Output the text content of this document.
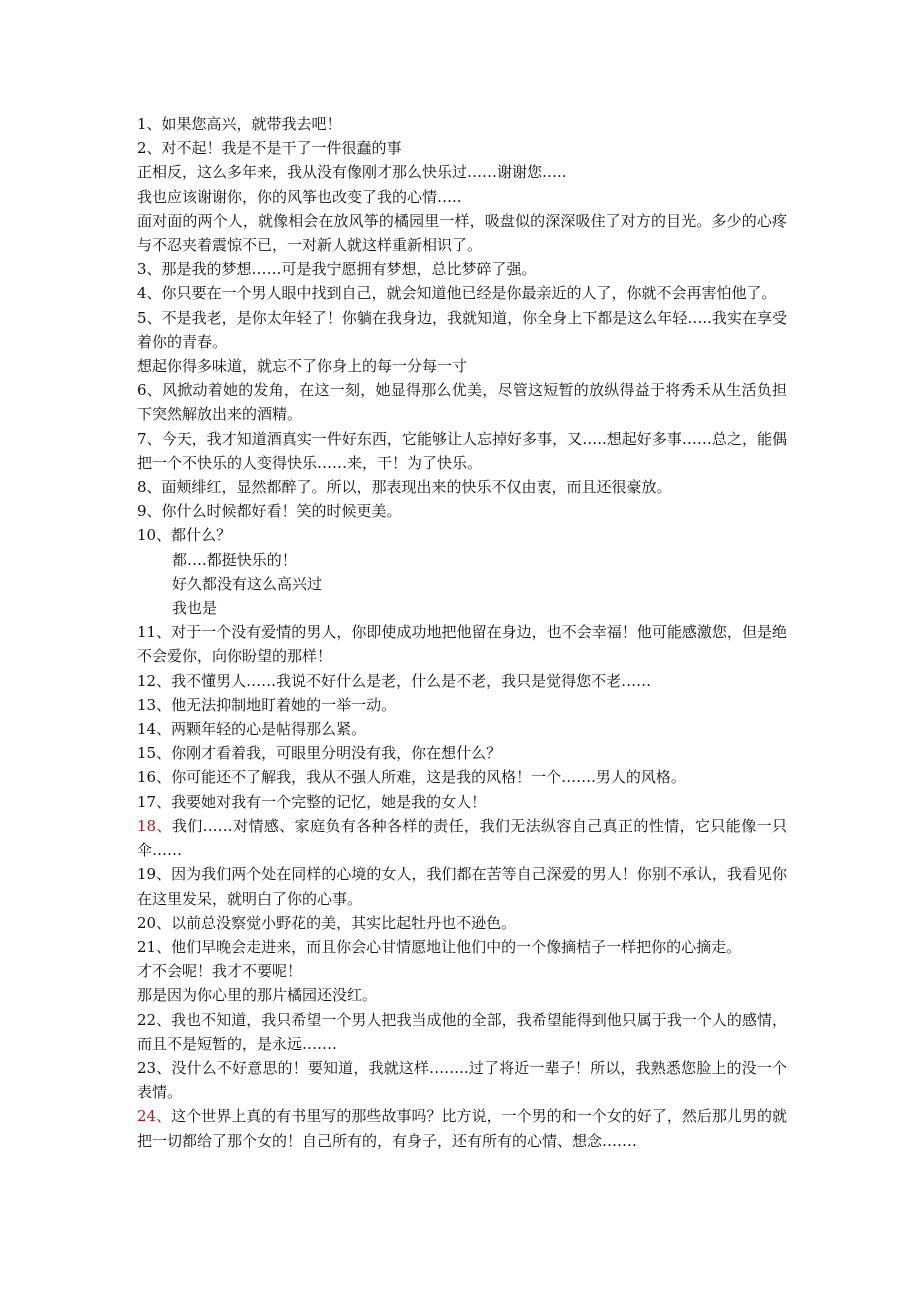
1、如果您高兴，就带我去吧！

2、对不起！我是不是干了一件很蠢的事

正相反，这么多年来，我从没有像刚才那么快乐过……谢谢您…..

我也应该谢谢你，你的风筝也改变了我的心情…..

面对面的两个人，就像相会在放风筝的橘园里一样，吸盘似的深深吸住了对方的目光。多少的心疼与不忍夹着震惊不已，一对新人就这样重新相识了。

3、那是我的梦想……可是我宁愿拥有梦想，总比梦碎了强。

4、你只要在一个男人眼中找到自己，就会知道他已经是你最亲近的人了，你就不会再害怕他了。

5、不是我老，是你太年轻了！你躺在我身边，我就知道，你全身上下都是这么年轻…..我实在享受着你的青春。

想起你得多味道，就忘不了你身上的每一分每一寸

6、风掀动着她的发角，在这一刻，她显得那么优美，尽管这短暂的放纵得益于将秀禾从生活负担下突然解放出来的酒精。

7、今天，我才知道酒真实一件好东西，它能够让人忘掉好多事，又…..想起好多事……总之，能偶把一个不快乐的人变得快乐……来，干！为了快乐。

8、面颊绯红，显然都醉了。所以，那表现出来的快乐不仅由衷，而且还很豪放。

9、你什么时候都好看！笑的时候更美。

10、都什么？

都….都挺快乐的！

好久都没有这么高兴过

我也是

11、对于一个没有爱情的男人，你即使成功地把他留在身边，也不会幸福！他可能感激您，但是绝不会爱你，向你盼望的那样！

12、我不懂男人……我说不好什么是老，什么是不老，我只是觉得您不老……

13、他无法抑制地盯着她的一举一动。

14、两颗年轻的心是帖得那么紧。

15、你刚才看着我，可眼里分明没有我，你在想什么？

16、你可能还不了解我，我从不强人所难，这是我的风格！一个…….男人的风格。

17、我要她对我有一个完整的记忆，她是我的女人！

18、我们……对情感、家庭负有各种各样的责任，我们无法纵容自己真正的性情，它只能像一只伞……

19、因为我们两个处在同样的心境的女人，我们都在苦等自己深爱的男人！你别不承认，我看见你在这里发呆，就明白了你的心事。

20、以前总没察觉小野花的美，其实比起牡丹也不逊色。

21、他们早晚会走进来，而且你会心甘情愿地让他们中的一个像摘桔子一样把你的心摘走。

才不会呢！我才不要呢！

那是因为你心里的那片橘园还没红。

22、我也不知道，我只希望一个男人把我当成他的全部，我希望能得到他只属于我一个人的感情，而且不是短暂的，是永远…….

23、没什么不好意思的！要知道，我就这样……..过了将近一辈子！所以，我熟悉您脸上的没一个表情。

24、这个世界上真的有书里写的那些故事吗？比方说，一个男的和一个女的好了，然后那儿男的就把一切都给了那个女的！自己所有的，有身子，还有所有的心情、想念…….
